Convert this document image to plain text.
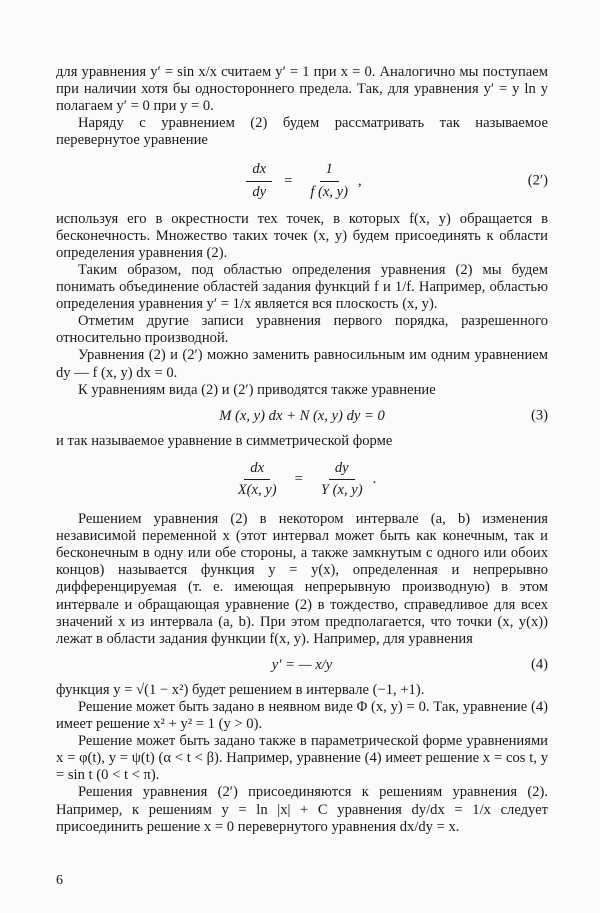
для уравнения y′ = sin x/x считаем y′ = 1 при x = 0. Аналогично мы поступаем при наличии хотя бы одностороннего предела. Так, для уравнения y′ = y ln y полагаем y′ = 0 при y = 0.

Наряду с уравнением (2) будем рассматривать так называемое перевернутое уравнение

$\frac{dx}{dy} = \frac{1}{f (x, y)}$ ,	(2′)

используя его в окрестности тех точек, в которых f(x, y) обращается в бесконечность. Множество таких точек (x, y) будем присоединять к области определения уравнения (2).

Таким образом, под областью определения уравнения (2) мы будем понимать объединение областей задания функций f и 1/f. Например, областью определения уравнения y′ = 1/x является вся плоскость (x, y).

Отметим другие записи уравнения первого порядка, разрешенного относительно производной.

Уравнения (2) и (2′) можно заменить равносильным им одним уравнением dy — f (x, y) dx = 0.

К уравнениям вида (2) и (2′) приводятся также уравнение

M (x, y) dx + N (x, y) dy = 0	(3)

и так называемое уравнение в симметрической форме

$\frac{dx}{X(x, y)} = \frac{dy}{Y (x, y)}$ .

Решением уравнения (2) в некотором интервале (a, b) изменения независимой переменной x (этот интервал может быть как конечным, так и бесконечным в одну или обе стороны, а также замкнутым с одного или обоих концов) называется функция y = y(x), определенная и непрерывно дифференцируемая (т. е. имеющая непрерывную производную) в этом интервале и обращающая уравнение (2) в тождество, справедливое для всех значений x из интервала (a, b). При этом предполагается, что точки (x, y(x)) лежат в области задания функции f(x, y). Например, для уравнения

y′ = — x/y	(4)

функция y = √(1 − x²) будет решением в интервале (−1, +1).

Решение может быть задано в неявном виде Φ (x, y) = 0. Так, уравнение (4) имеет решение x² + y² = 1 (y > 0).

Решение может быть задано также в параметрической форме уравнениями x = φ(t), y = ψ(t) (α < t < β). Например, уравнение (4) имеет решение x = cos t, y = sin t (0 < t < π).

Решения уравнения (2′) присоединяются к решениям уравнения (2). Например, к решениям y = ln |x| + C уравнения dy/dx = 1/x следует присоединить решение x = 0 перевернутого уравнения dx/dy = x.

6
